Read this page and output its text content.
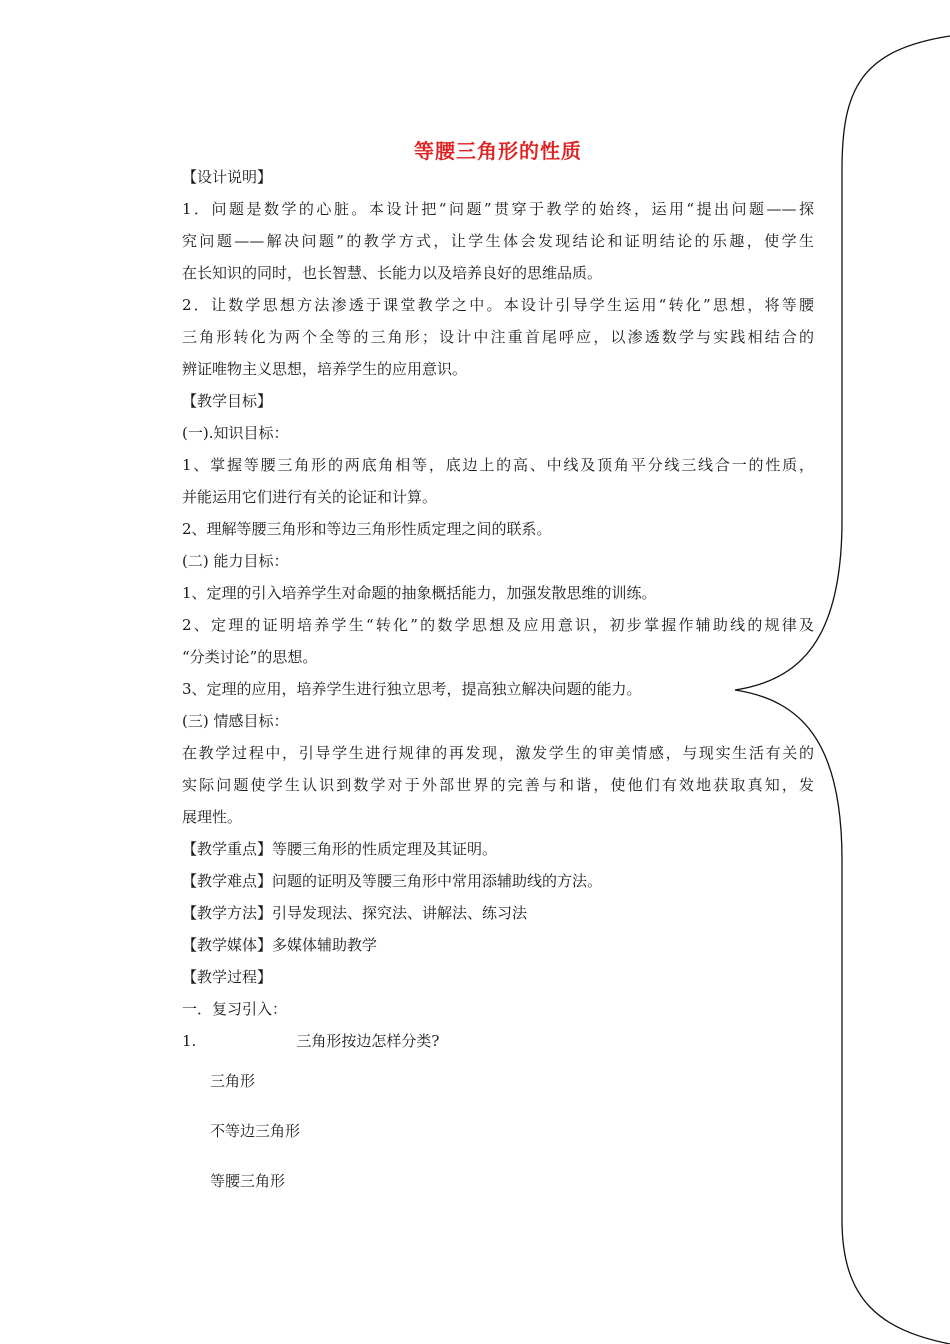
等腰三角形的性质
【设计说明】
1．问题是数学的心脏。本设计把“问题”贯穿于教学的始终，运用“提出问题——探
究问题——解决问题”的教学方式，让学生体会发现结论和证明结论的乐趣，使学生
在长知识的同时，也长智慧、长能力以及培养良好的思维品质。
2．让数学思想方法渗透于课堂教学之中。本设计引导学生运用“转化”思想，将等腰
三角形转化为两个全等的三角形；设计中注重首尾呼应，以渗透数学与实践相结合的
辨证唯物主义思想，培养学生的应用意识。
【教学目标】
(一).知识目标：
1、掌握等腰三角形的两底角相等，底边上的高、中线及顶角平分线三线合一的性质，
并能运用它们进行有关的论证和计算。
2、理解等腰三角形和等边三角形性质定理之间的联系。
(二) 能力目标：
1、定理的引入培养学生对命题的抽象概括能力，加强发散思维的训练。
2、定理的证明培养学生“转化”的数学思想及应用意识，初步掌握作辅助线的规律及
“分类讨论”的思想。
3、定理的应用，培养学生进行独立思考，提高独立解决问题的能力。
(三) 情感目标：
在教学过程中，引导学生进行规律的再发现，激发学生的审美情感，与现实生活有关的
实际问题使学生认识到数学对于外部世界的完善与和谐，使他们有效地获取真知，发
展理性。
【教学重点】等腰三角形的性质定理及其证明。
【教学难点】问题的证明及等腰三角形中常用添辅助线的方法。
【教学方法】引导发现法、探究法、讲解法、练习法
【教学媒体】多媒体辅助教学
【教学过程】
一．复习引入：
1.	三角形按边怎样分类?
三角形
不等边三角形
等腰三角形
